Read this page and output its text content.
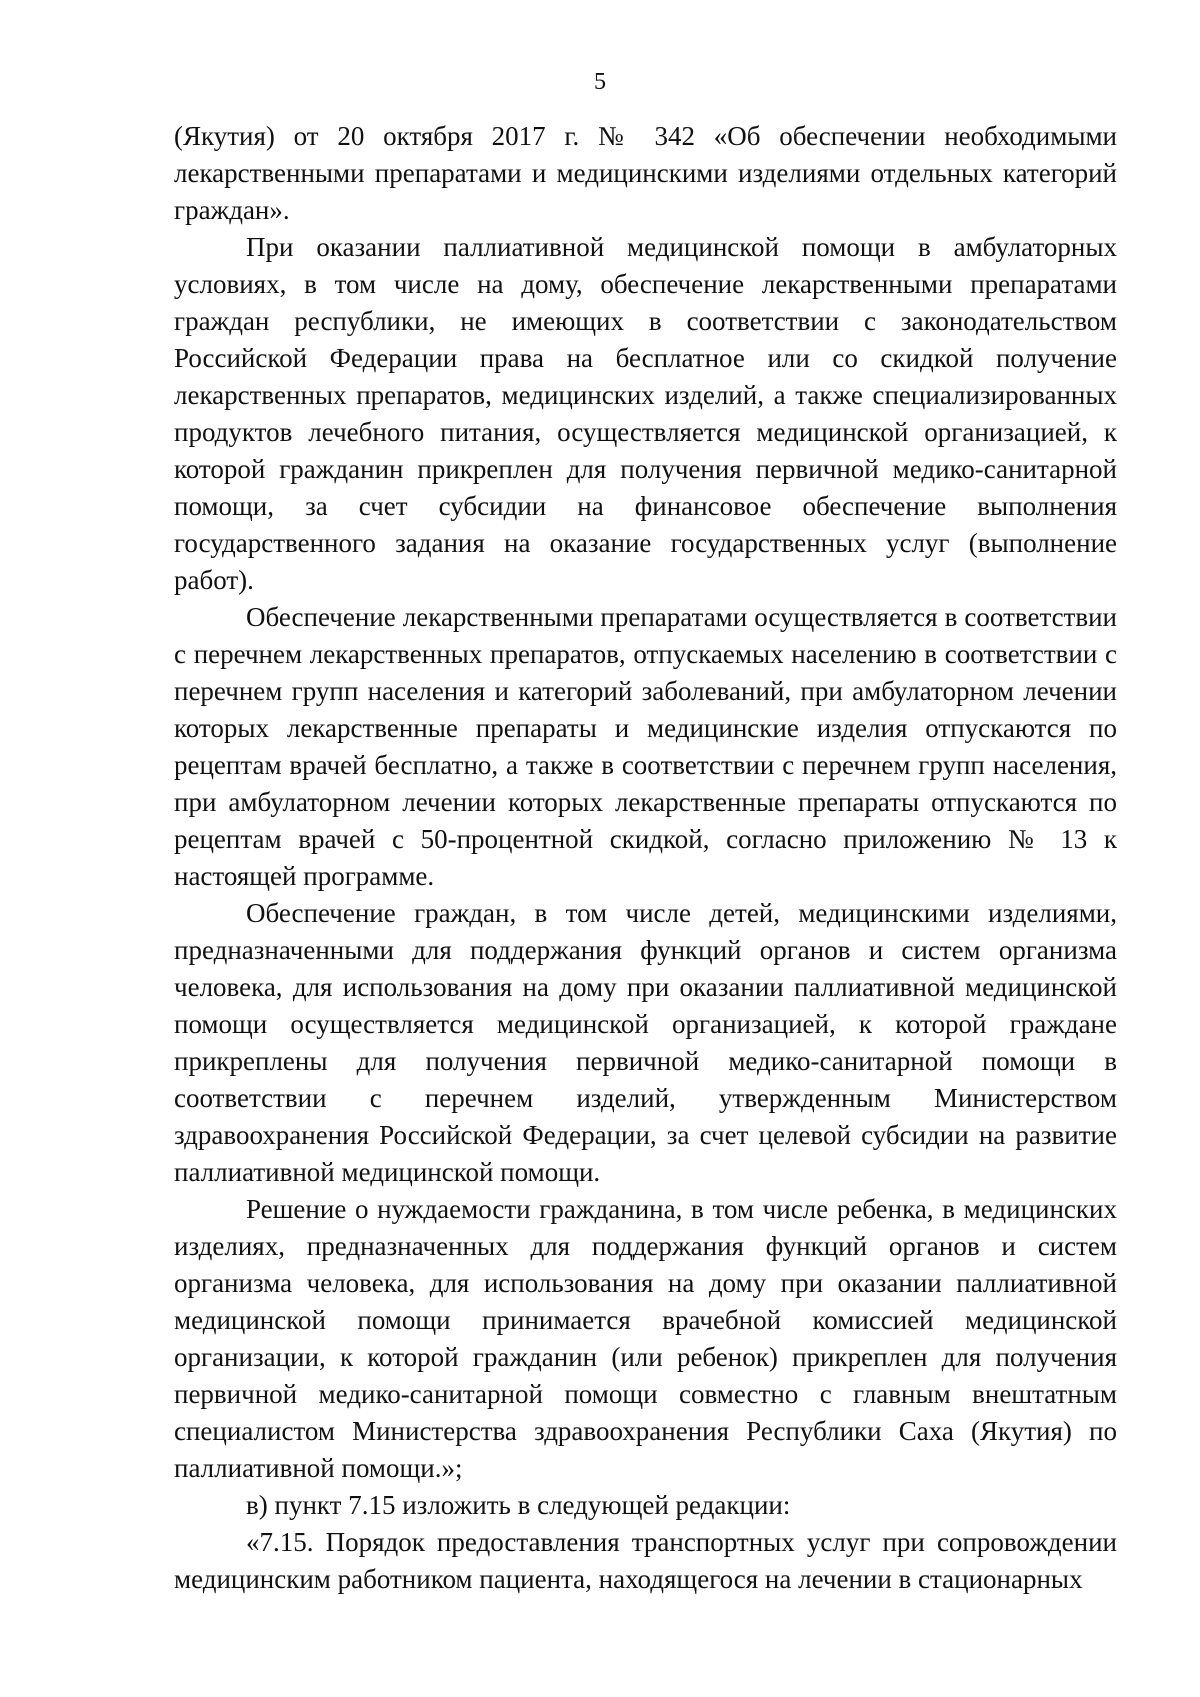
5

(Якутия) от 20 октября 2017 г. № 342 «Об обеспечении необходимыми лекарственными препаратами и медицинскими изделиями отдельных категорий граждан».

При оказании паллиативной медицинской помощи в амбулаторных условиях, в том числе на дому, обеспечение лекарственными препаратами граждан республики, не имеющих в соответствии с законодательством Российской Федерации права на бесплатное или со скидкой получение лекарственных препаратов, медицинских изделий, а также специализированных продуктов лечебного питания, осуществляется медицинской организацией, к которой гражданин прикреплен для получения первичной медико-санитарной помощи, за счет субсидии на финансовое обеспечение выполнения государственного задания на оказание государственных услуг (выполнение работ).

Обеспечение лекарственными препаратами осуществляется в соответствии с перечнем лекарственных препаратов, отпускаемых населению в соответствии с перечнем групп населения и категорий заболеваний, при амбулаторном лечении которых лекарственные препараты и медицинские изделия отпускаются по рецептам врачей бесплатно, а также в соответствии с перечнем групп населения, при амбулаторном лечении которых лекарственные препараты отпускаются по рецептам врачей с 50-процентной скидкой, согласно приложению № 13 к настоящей программе.

Обеспечение граждан, в том числе детей, медицинскими изделиями, предназначенными для поддержания функций органов и систем организма человека, для использования на дому при оказании паллиативной медицинской помощи осуществляется медицинской организацией, к которой граждане прикреплены для получения первичной медико-санитарной помощи в соответствии с перечнем изделий, утвержденным Министерством здравоохранения Российской Федерации, за счет целевой субсидии на развитие паллиативной медицинской помощи.

Решение о нуждаемости гражданина, в том числе ребенка, в медицинских изделиях, предназначенных для поддержания функций органов и систем организма человека, для использования на дому при оказании паллиативной медицинской помощи принимается врачебной комиссией медицинской организации, к которой гражданин (или ребенок) прикреплен для получения первичной медико-санитарной помощи совместно с главным внештатным специалистом Министерства здравоохранения Республики Саха (Якутия) по паллиативной помощи.»;

в) пункт 7.15 изложить в следующей редакции:

«7.15. Порядок предоставления транспортных услуг при сопровождении медицинским работником пациента, находящегося на лечении в стационарных
